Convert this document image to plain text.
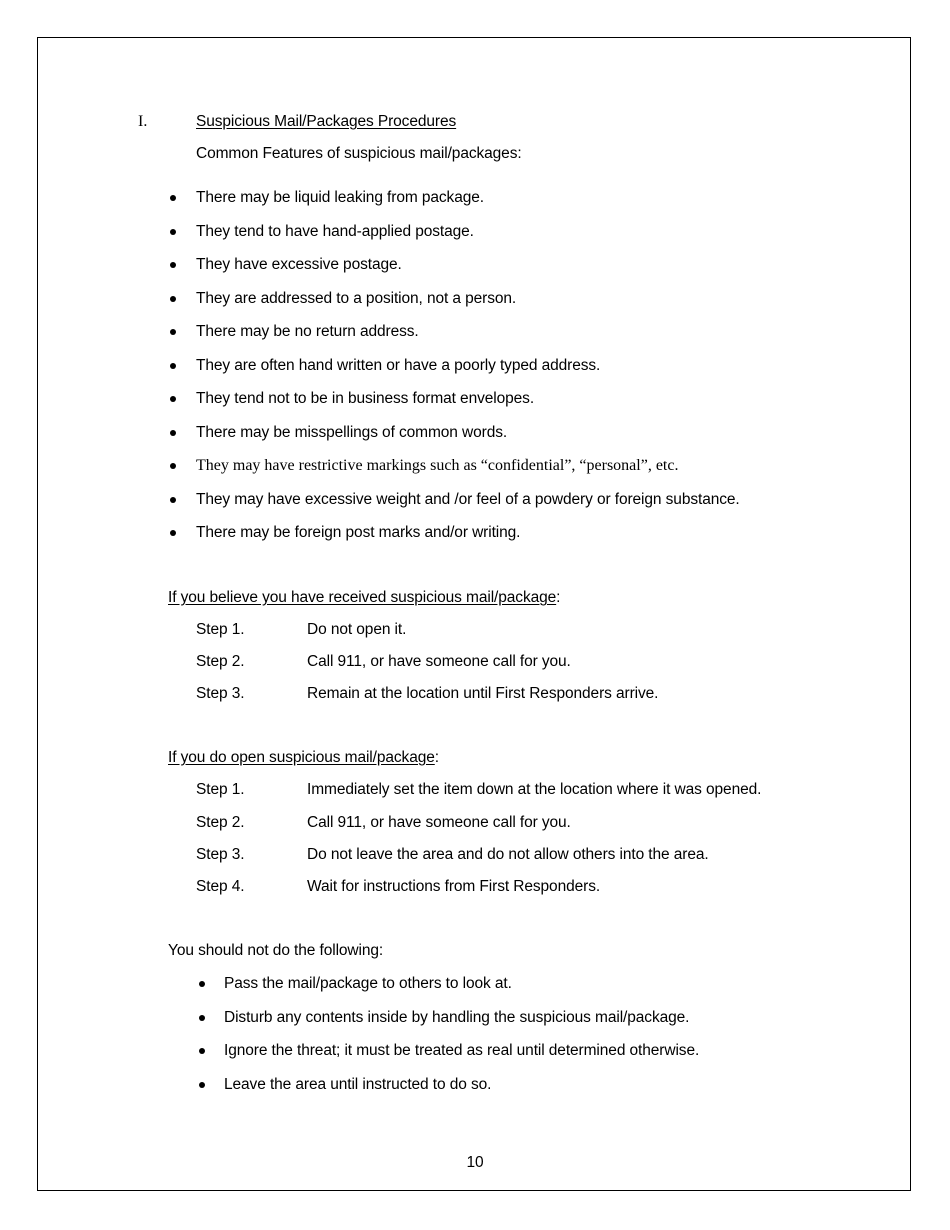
I.	Suspicious Mail/Packages Procedures
Common Features of suspicious mail/packages:
There may be liquid leaking from package.
They tend to have hand-applied postage.
They have excessive postage.
They are addressed to a position, not a person.
There may be no return address.
They are often hand written or have a poorly typed address.
They tend not to be in business format envelopes.
There may be misspellings of common words.
They may have restrictive markings such as “confidential”, “personal”, etc.
They may have excessive weight and /or feel of a powdery or foreign substance.
There may be foreign post marks and/or writing.
If you believe you have received suspicious mail/package:
Step 1.	Do not open it.
Step 2.	Call 911, or have someone call for you.
Step 3.	Remain at the location until First Responders arrive.
If you do open suspicious mail/package:
Step 1.	Immediately set the item down at the location where it was opened.
Step 2.	Call 911, or have someone call for you.
Step 3.	Do not leave the area and do not allow others into the area.
Step 4.	Wait for instructions from First Responders.
You should not do the following:
Pass the mail/package to others to look at.
Disturb any contents inside by handling the suspicious mail/package.
Ignore the threat; it must be treated as real until determined otherwise.
Leave the area until instructed to do so.
10
